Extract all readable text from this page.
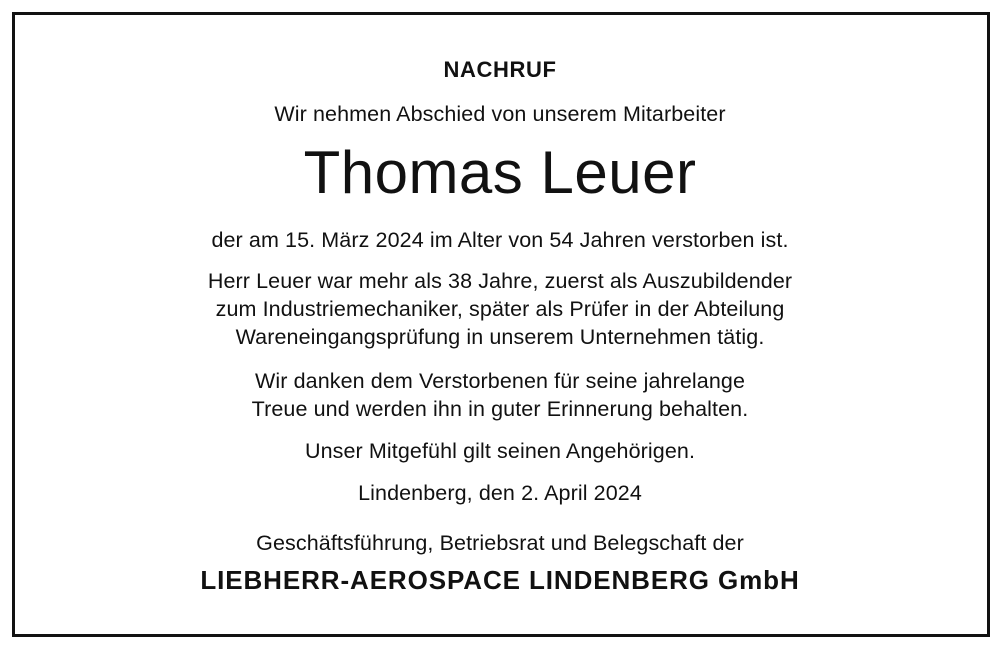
NACHRUF
Wir nehmen Abschied von unserem Mitarbeiter
Thomas Leuer
der am 15. März 2024 im Alter von 54 Jahren verstorben ist.
Herr Leuer war mehr als 38 Jahre, zuerst als Auszubildender
zum Industriemechaniker, später als Prüfer in der Abteilung
Wareneingangsprüfung in unserem Unternehmen tätig.
Wir danken dem Verstorbenen für seine jahrelange
Treue und werden ihn in guter Erinnerung behalten.
Unser Mitgefühl gilt seinen Angehörigen.
Lindenberg, den 2. April 2024
Geschäftsführung, Betriebsrat und Belegschaft der
LIEBHERR-AEROSPACE LINDENBERG GmbH
